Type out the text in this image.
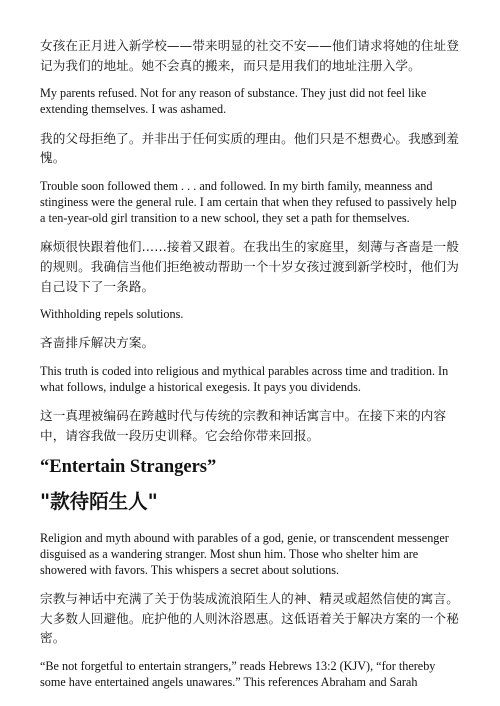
女孩在正月进入新学校——带来明显的社交不安——他们请求将她的住址登记为我们的地址。她不会真的搬来，而只是用我们的地址注册入学。

My parents refused. Not for any reason of substance. They just did not feel like extending themselves. I was ashamed.

我的父母拒绝了。并非出于任何实质的理由。他们只是不想费心。我感到羞愧。

Trouble soon followed them . . . and followed. In my birth family, meanness and stinginess were the general rule. I am certain that when they refused to passively help a ten-year-old girl transition to a new school, they set a path for themselves.

麻烦很快跟着他们……接着又跟着。在我出生的家庭里，刻薄与吝啬是一般的规则。我确信当他们拒绝被动帮助一个十岁女孩过渡到新学校时，他们为自己设下了一条路。

Withholding repels solutions.

吝啬排斥解决方案。

This truth is coded into religious and mythical parables across time and tradition. In what follows, indulge a historical exegesis. It pays you dividends.

这一真理被编码在跨越时代与传统的宗教和神话寓言中。在接下来的内容中，请容我做一段历史训释。它会给你带来回报。

“Entertain Strangers”
"款待陌生人"

Religion and myth abound with parables of a god, genie, or transcendent messenger disguised as a wandering stranger. Most shun him. Those who shelter him are showered with favors. This whispers a secret about solutions.

宗教与神话中充满了关于伪装成流浪陌生人的神、精灵或超然信使的寓言。大多数人回避他。庇护他的人则沐浴恩惠。这低语着关于解决方案的一个秘密。

“Be not forgetful to entertain strangers,” reads Hebrews 13:2 (KJV), “for thereby some have entertained angels unawares.” This references Abraham and Sarah
